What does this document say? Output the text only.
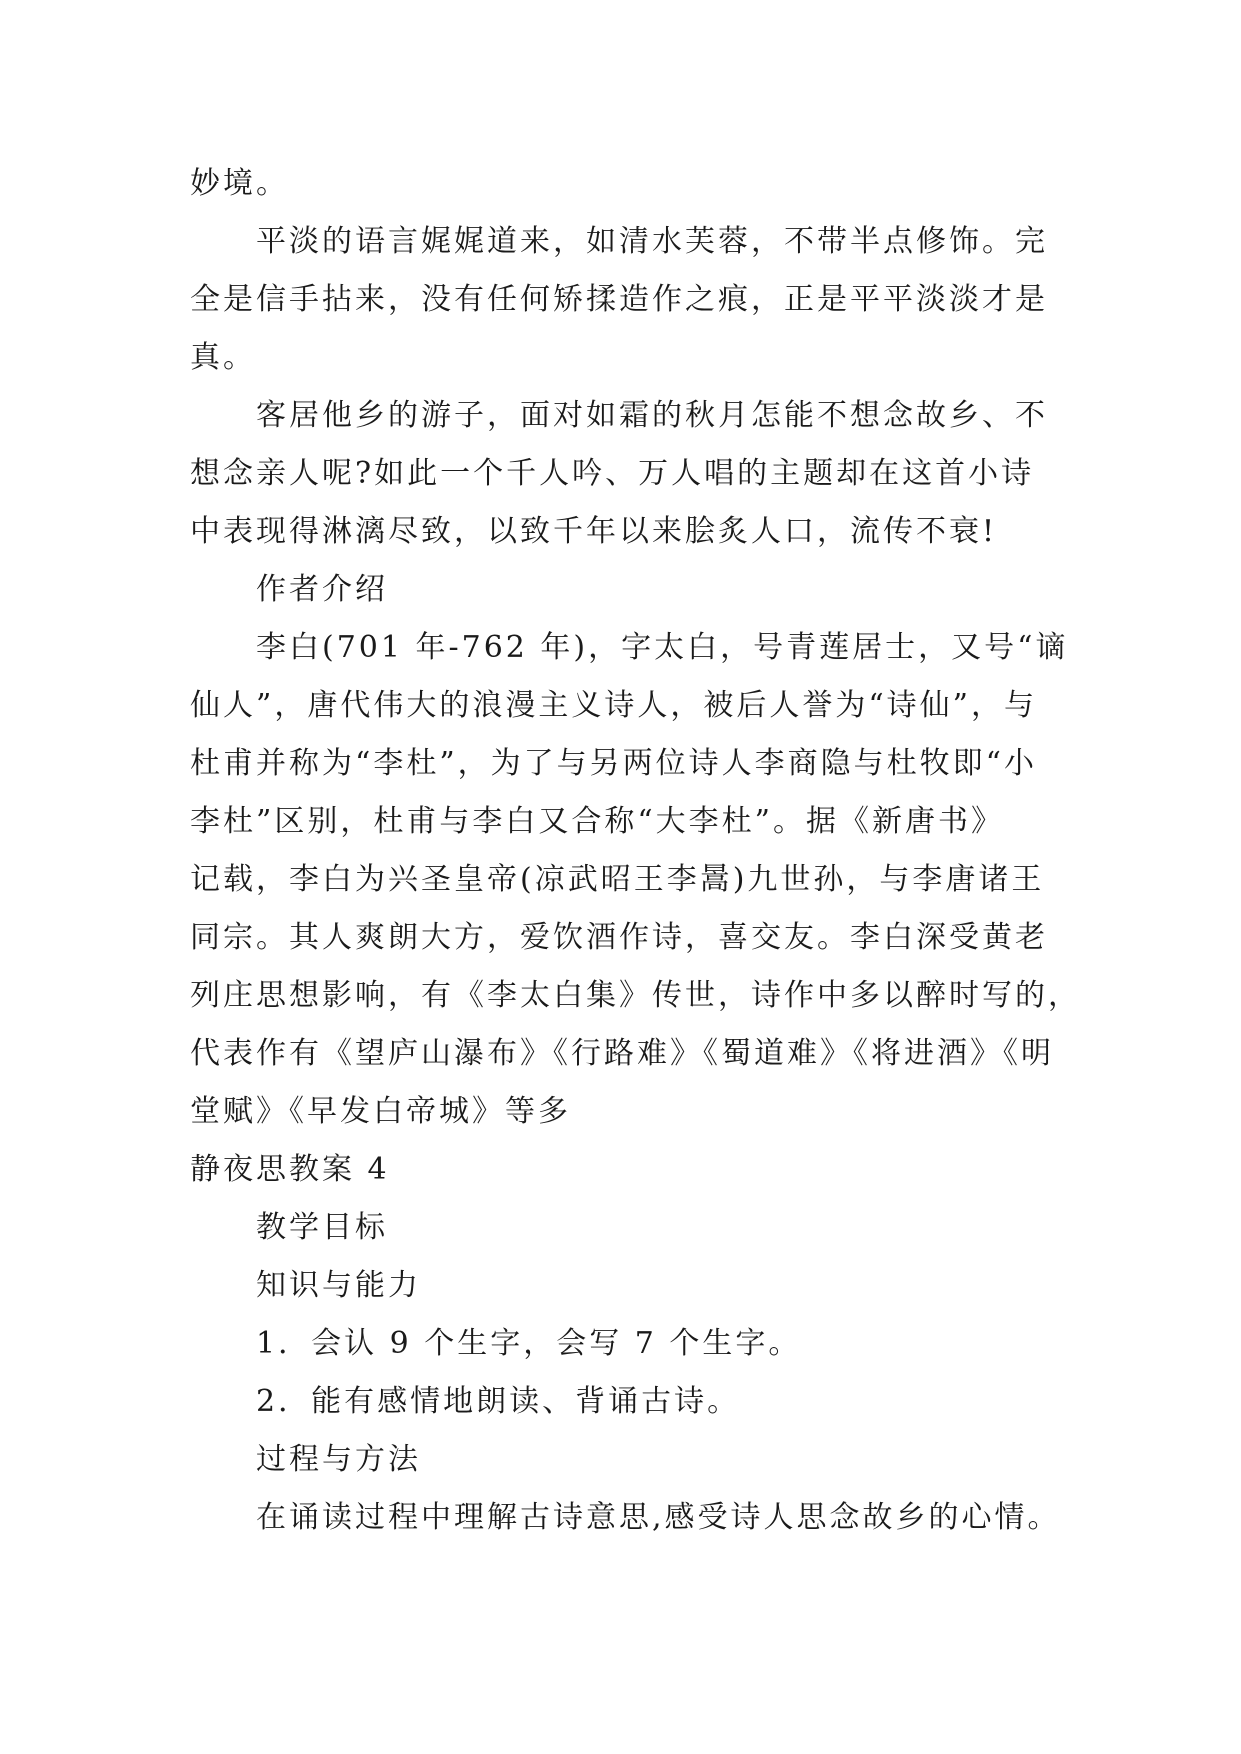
妙境。
平淡的语言娓娓道来，如清水芙蓉，不带半点修饰。完
全是信手拈来，没有任何矫揉造作之痕，正是平平淡淡才是
真。
客居他乡的游子，面对如霜的秋月怎能不想念故乡、不
想念亲人呢?如此一个千人吟、万人唱的主题却在这首小诗
中表现得淋漓尽致，以致千年以来脍炙人口，流传不衰!
作者介绍
李白(701 年-762 年)，字太白，号青莲居士，又号“谪
仙人”，唐代伟大的浪漫主义诗人，被后人誉为“诗仙”，与
杜甫并称为“李杜”，为了与另两位诗人李商隐与杜牧即“小
李杜”区别，杜甫与李白又合称“大李杜”。据《新唐书》
记载，李白为兴圣皇帝(凉武昭王李暠)九世孙，与李唐诸王
同宗。其人爽朗大方，爱饮酒作诗，喜交友。李白深受黄老
列庄思想影响，有《李太白集》传世，诗作中多以醉时写的，
代表作有《望庐山瀑布》《行路难》《蜀道难》《将进酒》《明
堂赋》《早发白帝城》等多
静夜思教案 4
教学目标
知识与能力
1．会认 9 个生字，会写 7 个生字。
2．能有感情地朗读、背诵古诗。
过程与方法
在诵读过程中理解古诗意思,感受诗人思念故乡的心情。
